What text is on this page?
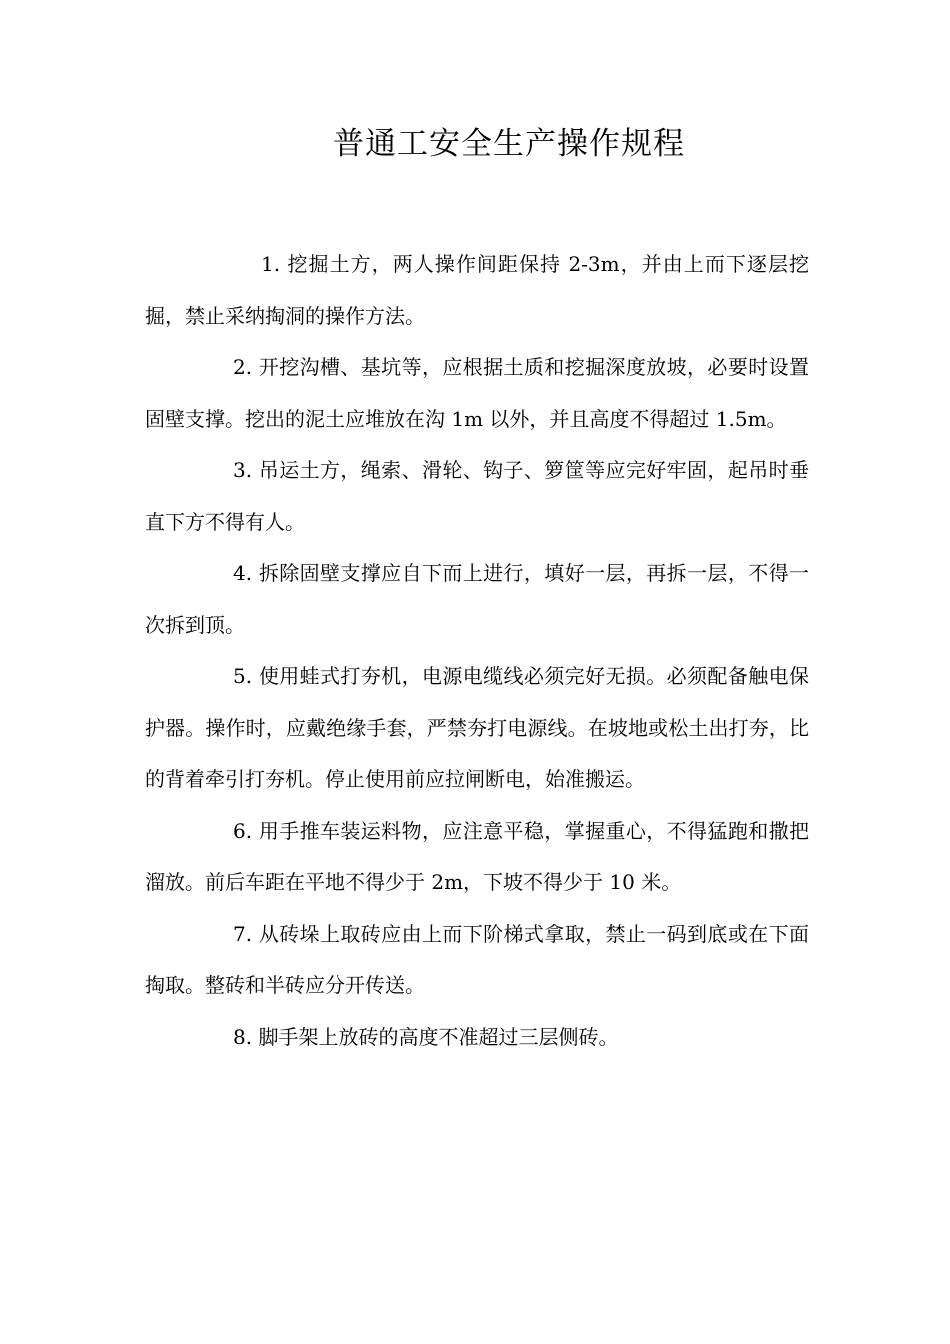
普通工安全生产操作规程

1. 挖掘土方，两人操作间距保持 2-3m，并由上而下逐层挖掘，禁止采纳掏洞的操作方法。

2. 开挖沟槽、基坑等，应根据土质和挖掘深度放坡，必要时设置固壁支撑。挖出的泥土应堆放在沟 1m 以外，并且高度不得超过 1.5m。

3. 吊运土方，绳索、滑轮、钩子、箩筐等应完好牢固，起吊时垂直下方不得有人。

4. 拆除固壁支撑应自下而上进行，填好一层，再拆一层，不得一次拆到顶。

5. 使用蛙式打夯机，电源电缆线必须完好无损。必须配备触电保护器。操作时，应戴绝缘手套，严禁夯打电源线。在坡地或松土出打夯，比的背着牵引打夯机。停止使用前应拉闸断电，始准搬运。

6. 用手推车装运料物，应注意平稳，掌握重心，不得猛跑和撒把溜放。前后车距在平地不得少于 2m，下坡不得少于 10 米。

7. 从砖垛上取砖应由上而下阶梯式拿取，禁止一码到底或在下面掏取。整砖和半砖应分开传送。

8. 脚手架上放砖的高度不准超过三层侧砖。
